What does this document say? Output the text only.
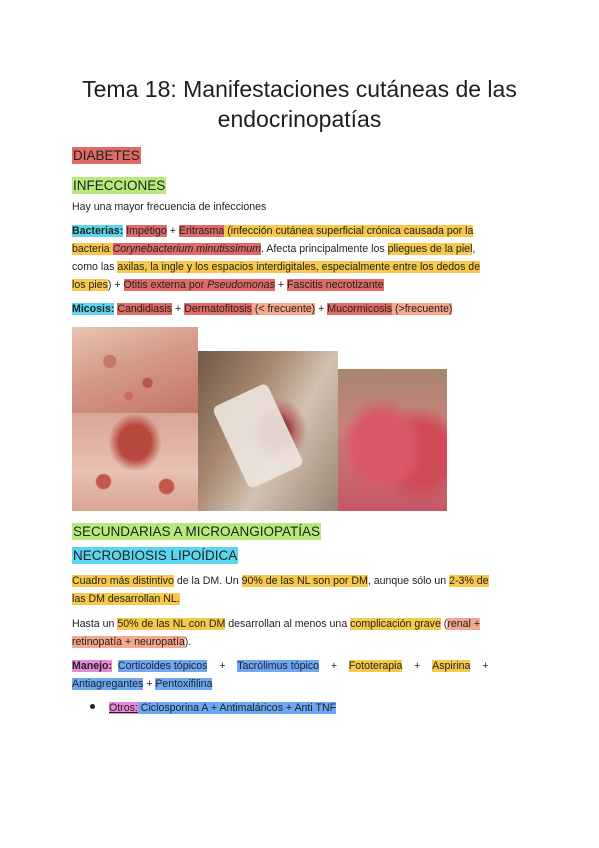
Tema 18: Manifestaciones cutáneas de las
endocrinopatías
DIABETES
INFECCIONES
Hay una mayor frecuencia de infecciones
Bacterias: Impétigo + Eritrasma (infección cutánea superficial crónica causada por la
bacteria Corynebacterium minutissimum. Afecta principalmente los pliegues de la piel,
como las axilas, la ingle y los espacios interdigitales, especialmente entre los dedos de
los pies) + Otitis externa por Pseudomonas + Fascitis necrotizante
Micosis: Candidiasis + Dermatofitosis (< frecuente) + Mucormicosis (>frecuente)
SECUNDARIAS A MICROANGIOPATÍAS
NECROBIOSIS LIPOÍDICA
Cuadro más distintivo de la DM. Un 90% de las NL son por DM, aunque sólo un 2-3% de
las DM desarrollan NL.
Hasta un 50% de las NL con DM desarrollan al menos una complicación grave (renal +
retinopatía + neuropatía).
Manejo: Corticoides tópicos    +    Tacrólimus tópico    +    Fototerapia    +    Aspirina    +
Antiagregantes + Pentoxifilina
Otros: Ciclosporina A + Antimaláricos + Anti TNF
